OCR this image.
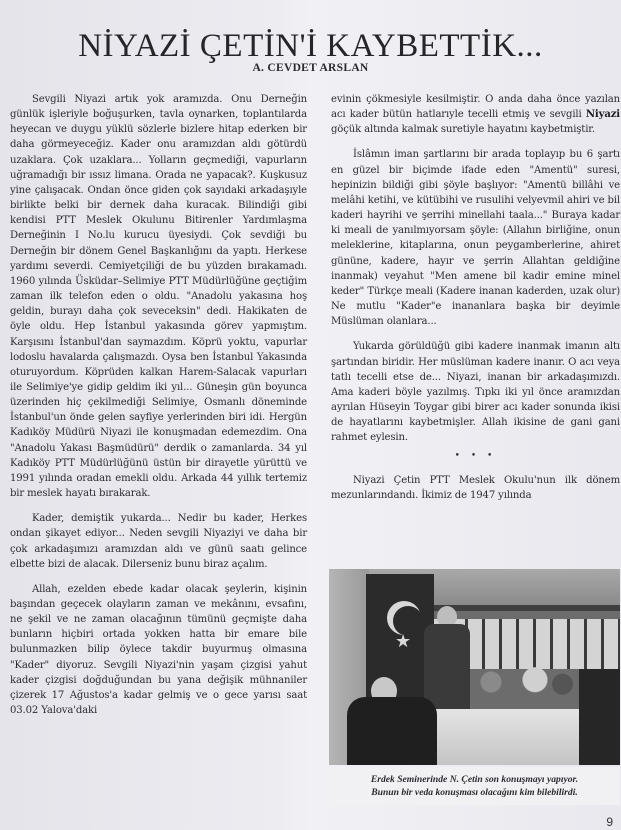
NİYAZİ ÇETİN'İ KAYBETTİK...
A. CEVDET ARSLAN

Sevgili Niyazi artık yok aramızda. Onu Derneğin günlük işleriyle boğuşurken, tavla oynarken, toplantılarda heyecan ve duygu yüklü sözlerle bizlere hitap ederken bir daha görmeyeceğiz. Kader onu aramızdan aldı götürdü uzaklara. Çok uzaklara... Yolların geçmediği, vapurların uğramadığı bir ıssız limana. Orada ne yapacak?. Kuşkusuz yine çalışacak. Ondan önce giden çok sayıdaki arkadaşıyle birlikte belki bir dernek daha kuracak. Bilindiği gibi kendisi PTT Meslek Okulunu Bitirenler Yardımlaşma Derneğinin I No.lu kurucu üyesiydi. Çok sevdiği bu Derneğin bir dönem Genel Başkanlığını da yaptı. Herkese yardımı severdi. Cemiyetçiliği de bu yüzden bırakamadı. 1960 yılında Üsküdar–Selimiye PTT Müdürlüğüne geçtiğim zaman ilk telefon eden o oldu. "Anadolu yakasına hoş geldin, burayı daha çok seveceksin" dedi. Hakikaten de öyle oldu. Hep İstanbul yakasında görev yapmıştım. Karşısını İstanbul'dan saymazdım. Köprü yoktu, vapurlar lodoslu havalarda çalışmazdı. Oysa ben İstanbul Yakasında oturuyordum. Köprüden kalkan Harem-Salacak vapurları ile Selimiye'ye gidip geldim iki yıl... Güneşin gün boyunca üzerinden hiç çekilmediği Selimiye, Osmanlı döneminde İstanbul'un önde gelen sayfiye yerlerinden biri idi. Hergün Kadıköy Müdürü Niyazi ile konuşmadan edemezdim. Ona "Anadolu Yakası Başmüdürü" derdik o zamanlarda. 34 yıl Kadıköy PTT Müdürlüğünü üstün bir dirayetle yürüttü ve 1991 yılında oradan emekli oldu. Arkada 44 yıllık tertemiz bir meslek hayatı bırakarak.

Kader, demiştik yukarda... Nedir bu kader, Herkes ondan şikayet ediyor... Neden sevgili Niyaziyi ve daha bir çok arkadaşımızı aramızdan aldı ve günü saatı gelince elbette bizi de alacak. Dilerseniz bunu biraz açalım.

Allah, ezelden ebede kadar olacak şeylerin, kişinin başından geçecek olayların zaman ve mekânını, evsafını, ne şekil ve ne zaman olacağının tümünü geçmişte daha bunların hiçbiri ortada yokken hatta bir emare bile bulunmazken bilip öylece takdir buyurmuş olmasına "Kader" diyoruz. Sevgili Niyazi'nin yaşam çizgisi yahut kader çizgisi doğduğundan bu yana değişik mühnaniler çizerek 17 Ağustos'a kadar gelmiş ve o gece yarısı saat 03.02 Yalova'daki

evinin çökmesiyle kesilmiştir. O anda daha önce yazılan acı kader bütün hatlarıyle tecelli etmiş ve sevgili Niyazi göçük altında kalmak suretiyle hayatını kaybetmiştir.

İslâmın iman şartlarını bir arada toplayıp bu 6 şartı en güzel bir biçimde ifade eden "Amentü" suresi, hepinizin bildiği gibi şöyle başlıyor: "Amentü billâhi ve melâhi ketihi, ve kütübihi ve rusulihi velyevmil ahiri ve bil kaderi hayrihi ve şerrihi minellahi taala..." Buraya kadar ki meali de yanılmıyorsam şöyle: (Allahın birliğine, onun meleklerine, kitaplarına, onun peygamberlerine, ahiret gününe, kadere, hayır ve şerrin Allahtan geldiğine inanmak) veyahut "Men amene bil kadir emine minel keder" Türkçe meali (Kadere inanan kaderden, uzak olur) Ne mutlu "Kader"e inananlara başka bir deyimle Müslüman olanlara...

Yukarda görüldüğü gibi kadere inanmak imanın altı şartından biridir. Her müslüman kadere inanır. O acı veya tatlı tecelli etse de... Niyazi, inanan bir arkadaşımızdı. Ama kaderi böyle yazılmış. Tıpkı iki yıl önce aramızdan ayrılan Hüseyin Toygar gibi birer acı kader sonunda ikisi de hayatlarını kaybetmişler. Allah ikisine de gani gani rahmet eylesin.

• • •

Niyazi Çetin PTT Meslek Okulu'nun ilk dönem mezunlarındandı. İkimiz de 1947 yılında

★
Erdek Seminerinde N. Çetin son konuşmayı yapıyor.
Bunun bir veda konuşması olacağını kim bilebilirdi.
9
